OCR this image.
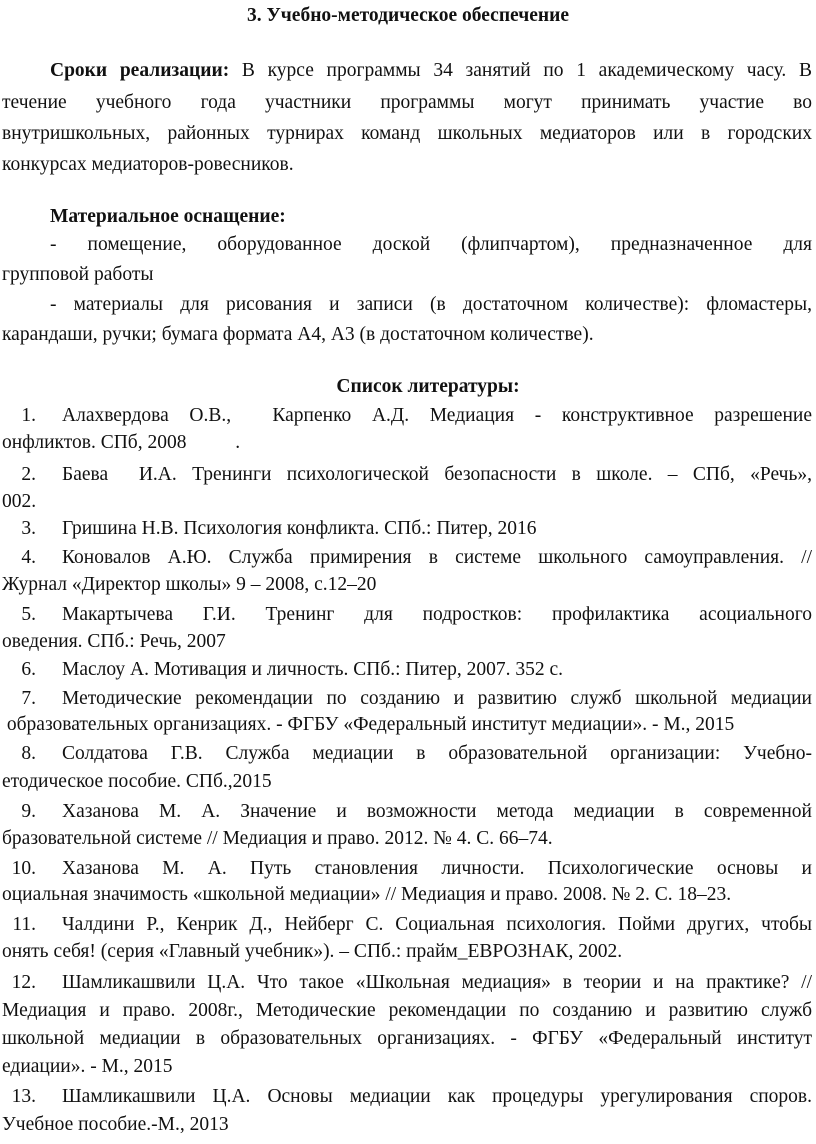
3. Учебно-методическое обеспечение
Сроки реализации: В курсе программы 34 занятий по 1 академическому часу. В
течение учебного года участники программы могут принимать участие во
внутришкольных, районных турнирах команд школьных медиаторов или в городских
конкурсах медиаторов-ровесников.
Материальное оснащение:
- помещение, оборудованное доской (флипчартом), предназначенное для
групповой работы
- материалы для рисования и записи (в достаточном количестве): фломастеры,
карандаши, ручки; бумага формата А4, А3 (в достаточном количестве).
Список литературы:
1. Алахвердова О.В.,  Карпенко А.Д. Медиация - конструктивное разрешение
онфликтов. СПб, 2008          .
2. Баева  И.А. Тренинги психологической безопасности в школе. – СПб, «Речь»,
002.
3. Гришина Н.В. Психология конфликта. СПб.: Питер, 2016
4. Коновалов А.Ю. Служба примирения в системе школьного самоуправления. //
Журнал «Директор школы» 9 – 2008, с.12–20
5. Макартычева Г.И. Тренинг для подростков: профилактика асоциального
оведения. СПб.: Речь, 2007
6. Маслоу А. Мотивация и личность. СПб.: Питер, 2007. 352 с.
7. Методические рекомендации по созданию и развитию служб школьной медиации
образовательных организациях. - ФГБУ «Федеральный институт медиации». - М., 2015
8. Солдатова Г.В. Служба медиации в образовательной организации: Учебно-
етодическое пособие. СПб.,2015
9. Хазанова М. А. Значение и возможности метода медиации в современной
бразовательной системе // Медиация и право. 2012. № 4. С. 66–74.
10. Хазанова М. А. Путь становления личности. Психологические основы и
оциальная значимость «школьной медиации» // Медиация и право. 2008. № 2. С. 18–23.
11. Чалдини Р., Кенрик Д., Нейберг С. Социальная психология. Пойми других, чтобы
онять себя! (серия «Главный учебник»). – СПб.: прайм_ЕВРОЗНАК, 2002.
12. Шамликашвили Ц.А. Что такое «Школьная медиация» в теории и на практике? //
Медиация и право. 2008г., Методические рекомендации по созданию и развитию служб
школьной медиации в образовательных организациях. - ФГБУ «Федеральный институт
едиации». - М., 2015
13. Шамликашвили Ц.А. Основы медиации как процедуры урегулирования споров.
Учебное пособие.-М., 2013
